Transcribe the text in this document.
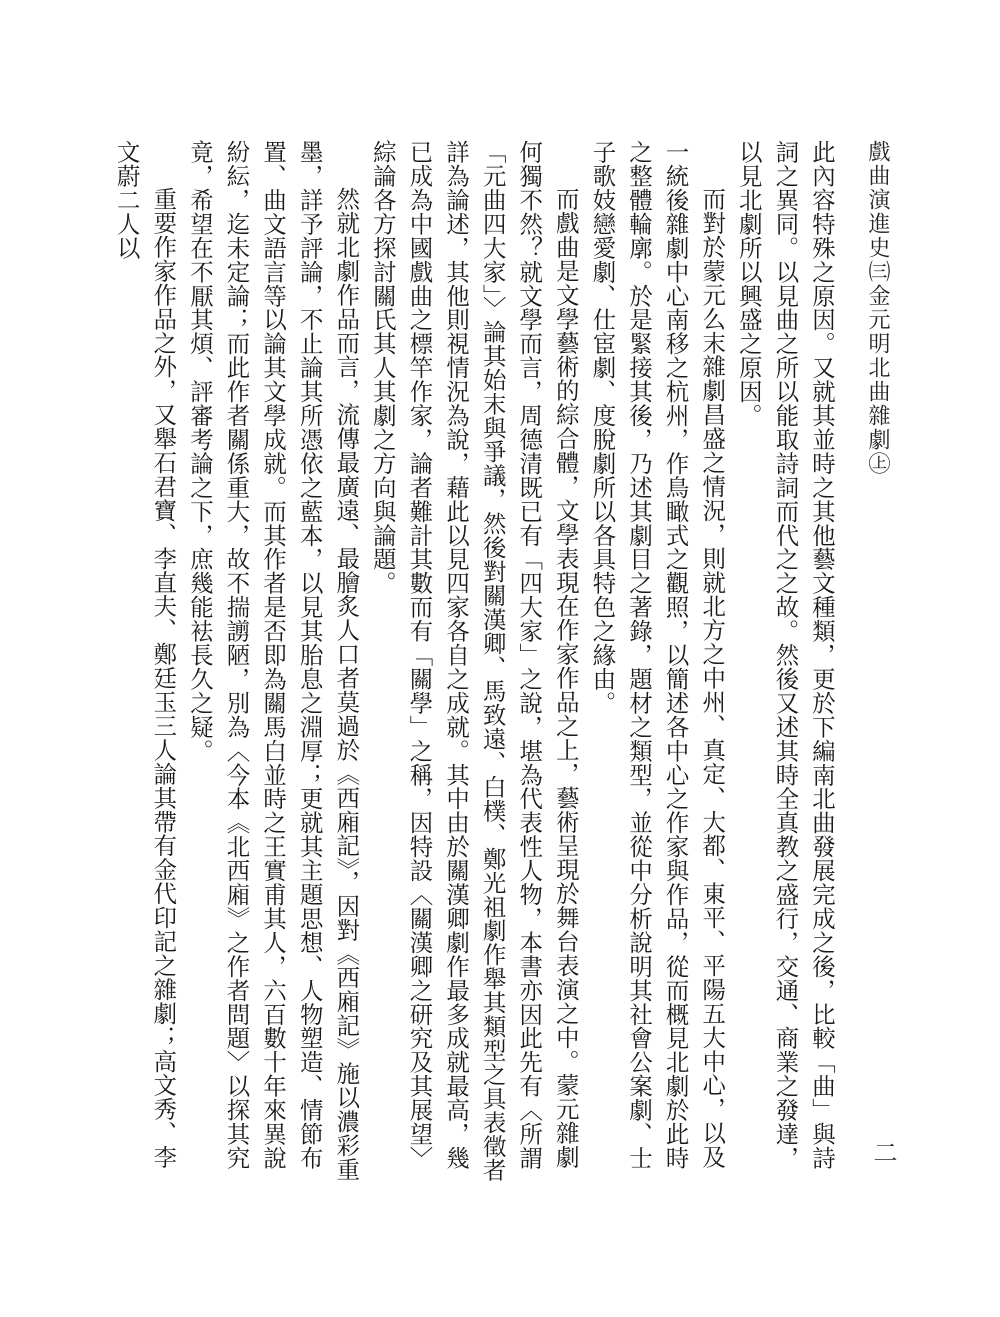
戲曲演進史㈢金元明北曲雜劇㊤
二

此內容特殊之原因。又就其並時之其他藝文種類，更於下編南北曲發展完成之後，比較「曲」與詩詞之異同。以見曲之所以能取詩詞而代之之故。然後又述其時全真教之盛行，交通、商業之發達，以見北劇所以興盛之原因。

而對於蒙元么末雜劇昌盛之情況，則就北方之中州、真定、大都、東平、平陽五大中心，以及一統後雜劇中心南移之杭州，作鳥瞰式之觀照，以簡述各中心之作家與作品，從而概見北劇於此時之整體輪廓。於是緊接其後，乃述其劇目之著錄，題材之類型，並從中分析說明其社會公案劇、士子歌妓戀愛劇、仕宦劇、度脫劇所以各具特色之緣由。

而戲曲是文學藝術的綜合體，文學表現在作家作品之上，藝術呈現於舞台表演之中。蒙元雜劇何獨不然？就文學而言，周德清既已有「四大家」之說，堪為代表性人物，本書亦因此先有〈所謂「元曲四大家」〉論其始末與爭議，然後對關漢卿、馬致遠、白樸、鄭光祖劇作舉其類型之具表徵者詳為論述，其他則視情況為說，藉此以見四家各自之成就。其中由於關漢卿劇作最多成就最高，幾已成為中國戲曲之標竿作家，論者難計其數而有「關學」之稱，因特設〈關漢卿之研究及其展望〉綜論各方探討關氏其人其劇之方向與論題。

然就北劇作品而言，流傳最廣遠、最膾炙人口者莫過於《西廂記》，因對《西廂記》施以濃彩重墨，詳予評論，不止論其所憑依之藍本，以見其胎息之淵厚；更就其主題思想、人物塑造、情節布置、曲文語言等以論其文學成就。而其作者是否即為關馬白並時之王實甫其人，六百數十年來異說紛紜，迄未定論；而此作者關係重大，故不揣謭陋，別為〈今本《北西廂》之作者問題〉以探其究竟，希望在不厭其煩、評審考論之下，庶幾能袪長久之疑。

重要作家作品之外，又舉石君寶、李直夫、鄭廷玉三人論其帶有金代印記之雜劇；高文秀、李文蔚二人以
